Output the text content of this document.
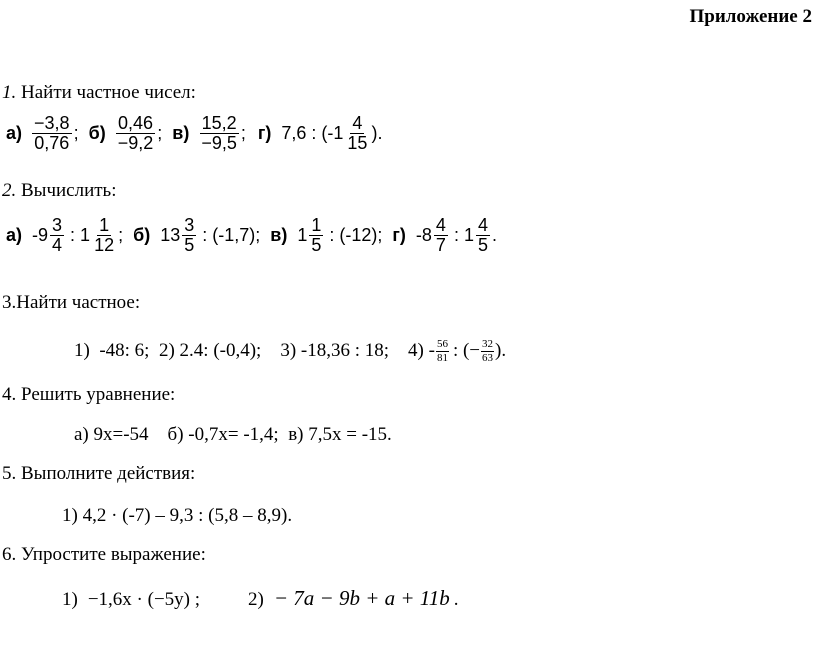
Приложение 2
1. Найти частное чисел:
$а) \frac{-3,8}{0,76}$ ; $б) \frac{0,46}{-9,2}$ ; $в) \frac{15,2}{-9,5}$ ; г) 7,6 : ($-1 \frac{4}{15}$ ).
2. Вычислить:
а) $-9 \frac{3}{4}$ : $1 \frac{1}{12}$ ; б) $13 \frac{3}{5}$ : (-1,7); в) $1 \frac{1}{5}$ : (-12); г) $-8 \frac{4}{7}$ : $1 \frac{4}{5}$ .
3.Найти частное:
1)  -48: 6;  2) 2.4: (-0,4);    3) -18,36 : 18;    $4) - \frac{56}{81}$ : (− $\frac{32}{63}$ ).
4. Решить уравнение:
а) 9х=-54    б) -0,7х= -1,4;  в) 7,5х = -15.
5. Выполните действия:
1) 4,2 · (-7) – 9,3 : (5,8 – 8,9).
6. Упростите выражение:
1) −1,6x · (−5y) ;	2) − 7a − 9b + a + 11b .
